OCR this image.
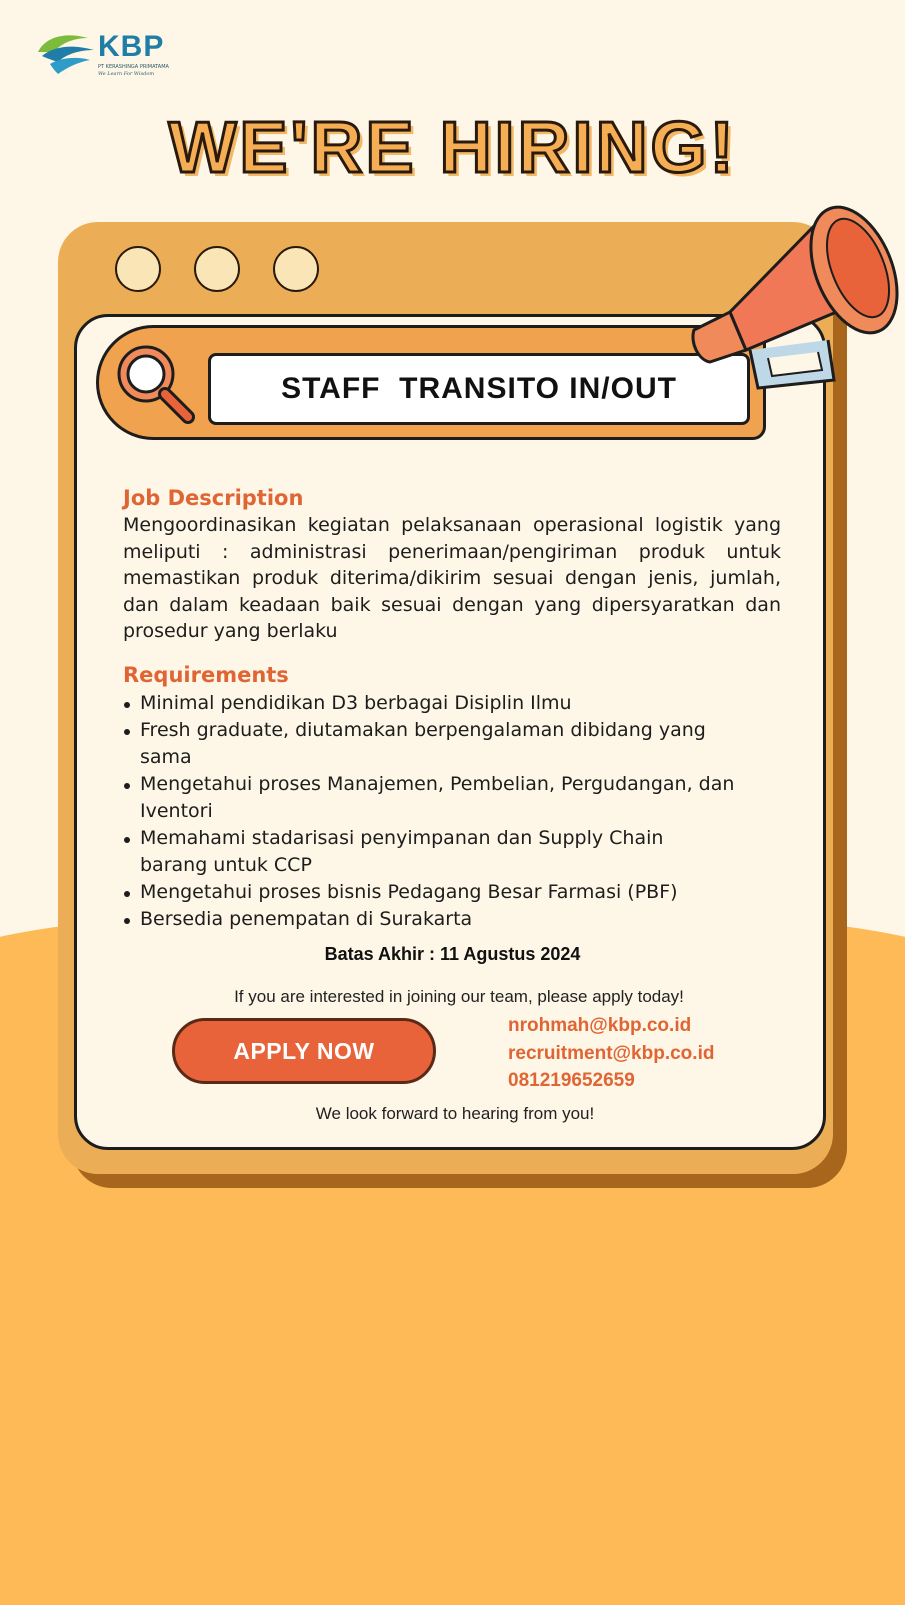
KBP
PT KERASHINGA PRIMATAMA
We Learn For Wisdom
WE'RE HIRING!
STAFF  TRANSITO IN/OUT
Job Description

Mengoordinasikan kegiatan pelaksanaan operasional logistik yang meliputi : administrasi penerimaan/pengiriman produk untuk memastikan produk diterima/dikirim sesuai dengan jenis, jumlah, dan dalam keadaan baik sesuai dengan yang dipersyaratkan dan prosedur yang berlaku

Requirements
Minimal pendidikan D3 berbagai Disiplin Ilmu
Fresh graduate, diutamakan berpengalaman dibidang yang sama
Mengetahui proses Manajemen, Pembelian, Pergudangan, dan Iventori
Memahami stadarisasi penyimpanan dan Supply Chain barang untuk CCP
Mengetahui proses bisnis Pedagang Besar Farmasi (PBF)
Bersedia penempatan di Surakarta
Batas Akhir : 11 Agustus 2024
If you are interested in joining our team, please apply today!
APPLY NOW
nrohmah@kbp.co.id
recruitment@kbp.co.id
081219652659
We look forward to hearing from you!
